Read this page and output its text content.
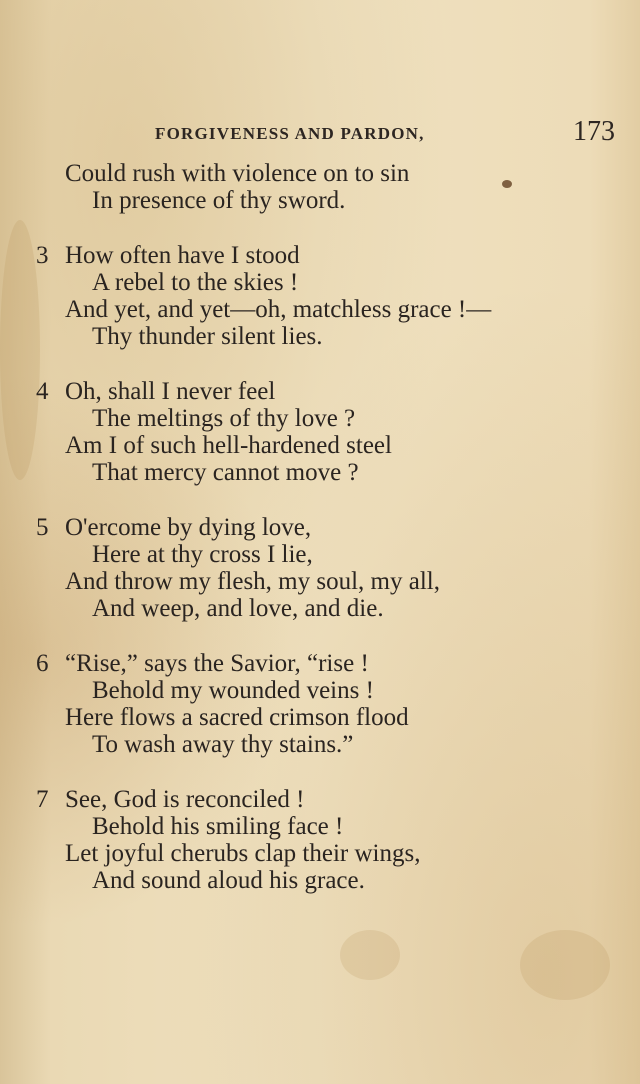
FORGIVENESS AND PARDON,	173
Could rush with violence on to sin
In presence of thy sword.
3 How often have I stood
A rebel to the skies !
And yet, and yet—oh, matchless grace !—
Thy thunder silent lies.
4 Oh, shall I never feel
The meltings of thy love ?
Am I of such hell-hardened steel
That mercy cannot move ?
5 O'ercome by dying love,
Here at thy cross I lie,
And throw my flesh, my soul, my all,
And weep, and love, and die.
6 “Rise,” says the Savior, “rise !
Behold my wounded veins !
Here flows a sacred crimson flood
To wash away thy stains.”
7 See, God is reconciled !
Behold his smiling face !
Let joyful cherubs clap their wings,
And sound aloud his grace.
